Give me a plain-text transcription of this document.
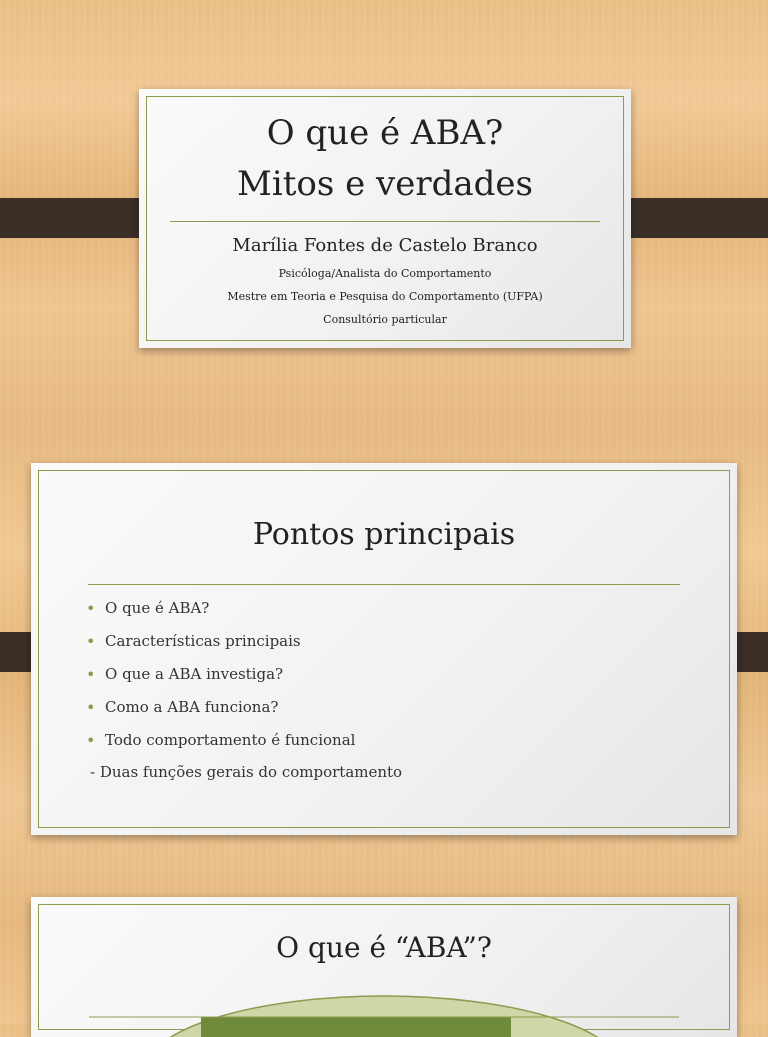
O que é ABA?
Mitos e verdades
Marília Fontes de Castelo Branco
Psicóloga/Analista do Comportamento
Mestre em Teoria e Pesquisa do Comportamento (UFPA)
Consultório particular
Pontos principais
• O que é ABA?
• Características principais
• O que a ABA investiga?
• Como a ABA funciona?
• Todo comportamento é funcional
- Duas funções gerais do comportamento
O que é “ABA”?
